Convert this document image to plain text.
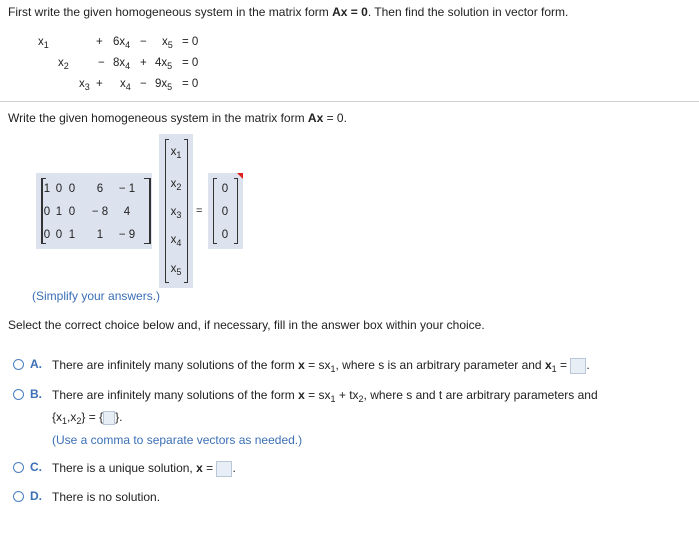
First write the given homogeneous system in the matrix form Ax = 0. Then find the solution in vector form.
$x_1$	+ $6x_4 - x_5 = 0$
$x_2$	− $8x_4 + 4x_5 = 0$
$x_3 + x_4 - 9x_5 = 0$
Write the given homogeneous system in the matrix form Ax = 0.
1 0 0	6	− 1
0 1 0	− 8	4
0 0 1	1	− 9
$x_1$
$x_2$
$x_3$
$x_4$
$x_5$
=
0
0
0
(Simplify your answers.)
Select the correct choice below and, if necessary, fill in the answer box within your choice.
A. There are infinitely many solutions of the form $x = sx_1$, where s is an arbitrary parameter and $x_1$ = .
B. There are infinitely many solutions of the form $x = sx_1 + tx_2$, where s and t are arbitrary parameters and
$\{x_1,x_2\}$ = { }.
(Use a comma to separate vectors as needed.)
C. There is a unique solution, x = .
D. There is no solution.
